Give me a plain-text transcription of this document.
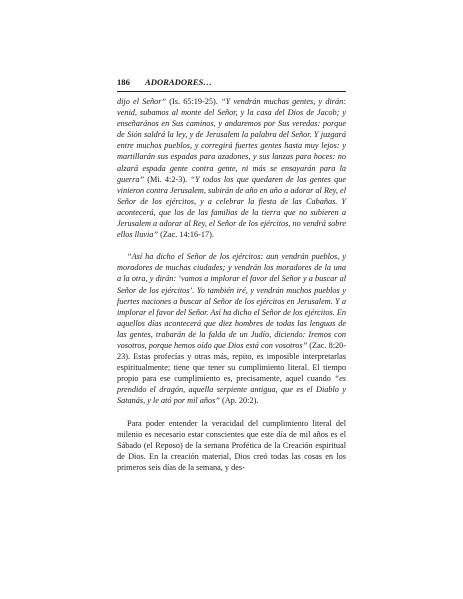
186 ADORADORES…

dijo el Señor” (Is. 65:19-25). “Y vendrán muchas gentes, y dirán: venid, subamos al monte del Señor, y la casa del Dios de Jacob; y enseñarános en Sus caminos, y andaremos por Sus veredas: porque de Sión saldrá la ley, y de Jerusalem la palabra del Señor. Y juzgará entre muchos pueblos, y corregirá fuertes gentes hasta muy lejos: y martillarán sus espadas para azadones, y sus lanzas para hoces: no alzará espada gente contra gente, ni más se ensayarán para la guerra” (Mi. 4:2-3). “Y todos los que quedaren de las gentes que vinieron contra Jerusalem, subirán de año en año a adorar al Rey, el Señor de los ejércitos, y a celebrar la fiesta de las Cabañas. Y acontecerá, que los de las familias de la tierra que no subieren a Jerusalem a adorar al Rey, el Señor de los ejércitos, no vendrá sobre ellos lluvia” (Zac. 14:16-17).

“Así ha dicho el Señor de los ejércitos: aun vendrán pueblos, y moradores de muchas ciudades; y vendrán los moradores de la una a la otra, y dirán: ‘vamos a implorar el favor del Señor y a buscar al Señor de los ejércitos’. Yo también iré, y vendrán muchos pueblos y fuertes naciones a buscar al Señor de los ejércitos en Jerusalem. Y a implorar el favor del Señor. Así ha dicho el Señor de los ejércitos. En aquellos días acontecerá que diez hombres de todas las lenguas de las gentes, trabarán de la falda de un Judío, diciendo: Iremos con vosotros, porque hemos oído que Dios está con vosotros” (Zac. 8:20-23). Estas profecías y otras más, repito, es imposible interpretarlas espiritualmente; tiene que tener su cumplimiento literal. El tiempo propio para ese cumplimiento es, precisamente, aquel cuando “es prendido el dragón, aquella serpiente antigua, que es el Diablo y Satanás, y le ató por mil años” (Ap. 20:2).

Para poder entender la veracidad del cumplimiento literal del milenio es necesario estar conscientes que este día de mil años es el Sábado (el Reposo) de la semana Profética de la Creación espiritual de Dios. En la creación material, Dios creó todas las cosas en los primeros seis días de la semana, y des-
